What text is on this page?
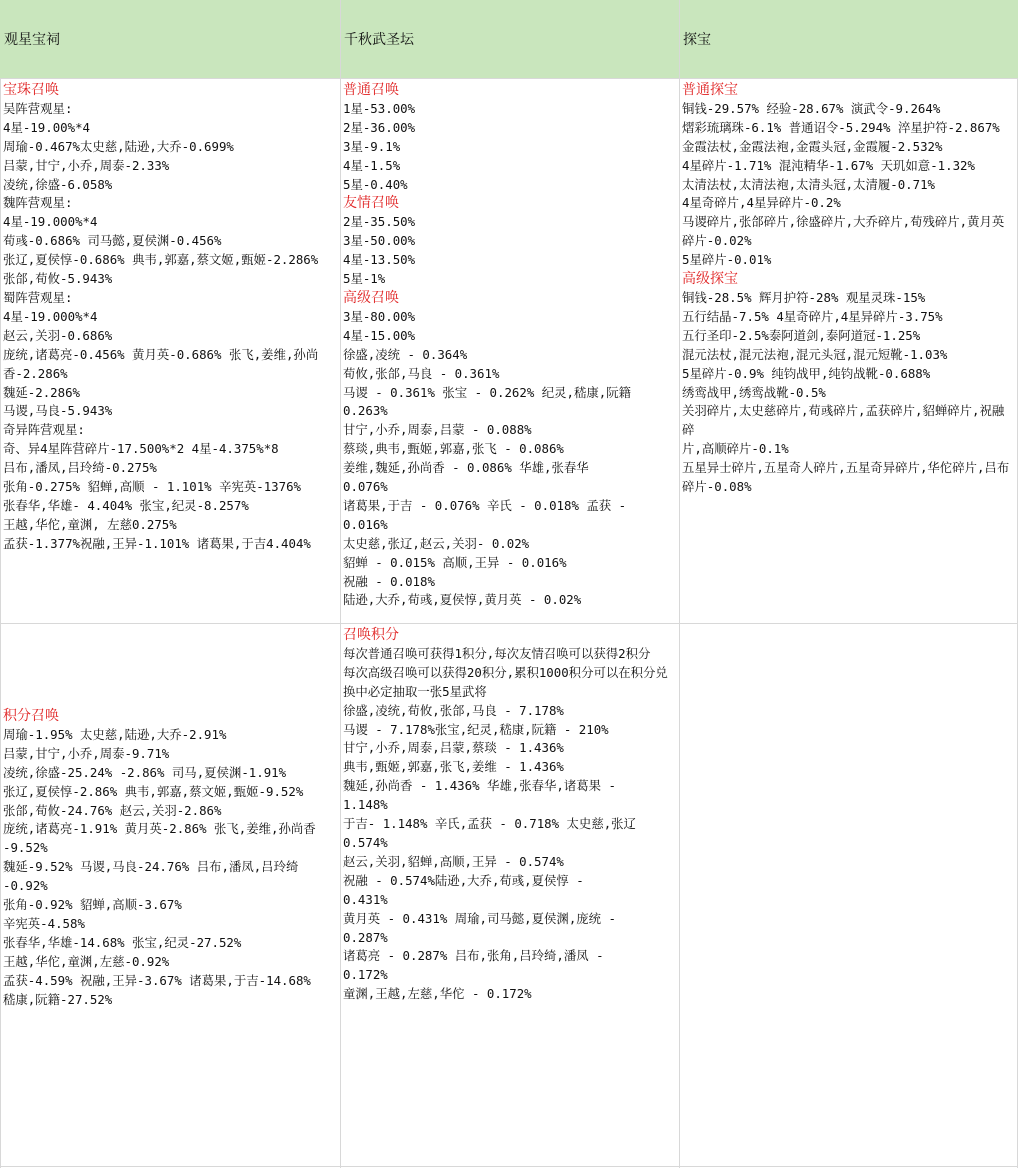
观星宝祠	千秋武圣坛	探宝
宝珠召唤
吴阵营观星:
4星-19.00%*4
周瑜-0.467%太史慈,陆逊,大乔-0.699%
吕蒙,甘宁,小乔,周泰-2.33%
凌统,徐盛-6.058%
魏阵营观星:
4星-19.000%*4
荀彧-0.686% 司马懿,夏侯渊-0.456%
张辽,夏侯惇-0.686% 典韦,郭嘉,蔡文姬,甄姬-2.286%
张郃,荀攸-5.943%
蜀阵营观星:
4星-19.000%*4
赵云,关羽-0.686%
庞统,诸葛亮-0.456% 黄月英-0.686% 张飞,姜维,孙尚
香-2.286%
魏延-2.286%
马谡,马良-5.943%
奇异阵营观星:
奇、异4星阵营碎片-17.500%*2 4星-4.375%*8
吕布,潘凤,吕玲绮-0.275%
张角-0.275% 貂蝉,高顺 - 1.101% 辛宪英-1376%
张春华,华雄- 4.404% 张宝,纪灵-8.257%
王越,华佗,童渊, 左慈0.275%
孟获-1.377%祝融,王异-1.101% 诸葛果,于吉4.404%
普通召唤
1星-53.00%
2星-36.00%
3星-9.1%
4星-1.5%
5星-0.40%
友情召唤
2星-35.50%
3星-50.00%
4星-13.50%
5星-1%
高级召唤
3星-80.00%
4星-15.00%
徐盛,凌统 - 0.364%
荀攸,张郃,马良 - 0.361%
马谡 - 0.361% 张宝 - 0.262% 纪灵,嵇康,阮籍
0.263%
甘宁,小乔,周泰,吕蒙 - 0.088%
蔡琰,典韦,甄姬,郭嘉,张飞 - 0.086%
姜维,魏延,孙尚香 - 0.086% 华雄,张春华
0.076%
诸葛果,于吉 - 0.076% 辛氏 - 0.018% 孟获 -
0.016%
太史慈,张辽,赵云,关羽- 0.02%
貂蝉 - 0.015% 高顺,王异 - 0.016%
祝融 - 0.018%
陆逊,大乔,荀彧,夏侯惇,黄月英 - 0.02%
普通探宝
铜钱-29.57% 经验-28.67% 演武令-9.264%
熠彩琉璃珠-6.1% 普通诏令-5.294% 淬星护符-2.867%
金霞法杖,金霞法袍,金霞头冠,金霞履-2.532%
4星碎片-1.71% 混沌精华-1.67% 天玑如意-1.32%
太清法杖,太清法袍,太清头冠,太清履-0.71%
4星奇碎片,4星异碎片-0.2%
马谡碎片,张郃碎片,徐盛碎片,大乔碎片,荀残碎片,黄月英碎片-0.02%
5星碎片-0.01%
高级探宝
铜钱-28.5% 辉月护符-28% 观星灵珠-15%
五行结晶-7.5% 4星奇碎片,4星异碎片-3.75%
五行圣印-2.5%泰阿道剑,泰阿道冠-1.25%
混元法杖,混元法袍,混元头冠,混元短靴-1.03%
5星碎片-0.9% 纯钧战甲,纯钧战靴-0.688%
绣鸾战甲,绣鸾战靴-0.5%
关羽碎片,太史慈碎片,荀彧碎片,孟获碎片,貂蝉碎片,祝融碎
片,高顺碎片-0.1%
五星异士碎片,五星奇人碎片,五星奇异碎片,华佗碎片,吕布
碎片-0.08%
积分召唤
周瑜-1.95% 太史慈,陆逊,大乔-2.91%
吕蒙,甘宁,小乔,周泰-9.71%
凌统,徐盛-25.24% -2.86% 司马,夏侯渊-1.91%
张辽,夏侯惇-2.86% 典韦,郭嘉,蔡文姬,甄姬-9.52%
张郃,荀攸-24.76% 赵云,关羽-2.86%
庞统,诸葛亮-1.91% 黄月英-2.86% 张飞,姜维,孙尚香
-9.52%
魏延-9.52% 马谡,马良-24.76% 吕布,潘凤,吕玲绮
-0.92%
张角-0.92% 貂蝉,高顺-3.67%
辛宪英-4.58%
张春华,华雄-14.68% 张宝,纪灵-27.52%
王越,华佗,童渊,左慈-0.92%
孟获-4.59% 祝融,王异-3.67% 诸葛果,于吉-14.68%
嵇康,阮籍-27.52%
召唤积分
每次普通召唤可获得1积分,每次友情召唤可以获得2积分
每次高级召唤可以获得20积分,累积1000积分可以在积分兑
换中必定抽取一张5星武将
徐盛,凌统,荀攸,张郃,马良 - 7.178%
马谡 - 7.178%张宝,纪灵,嵇康,阮籍 - 210%
甘宁,小乔,周泰,吕蒙,蔡琰 - 1.436%
典韦,甄姬,郭嘉,张飞,姜维 - 1.436%
魏延,孙尚香 - 1.436% 华雄,张春华,诸葛果 -
1.148%
于吉- 1.148% 辛氏,孟获 - 0.718% 太史慈,张辽
0.574%
赵云,关羽,貂蝉,高顺,王异 - 0.574%
祝融 - 0.574%陆逊,大乔,荀彧,夏侯惇 -
0.431%
黄月英 - 0.431% 周瑜,司马懿,夏侯渊,庞统 -
0.287%
诸葛亮 - 0.287% 吕布,张角,吕玲绮,潘凤 -
0.172%
童渊,王越,左慈,华佗 - 0.172%
